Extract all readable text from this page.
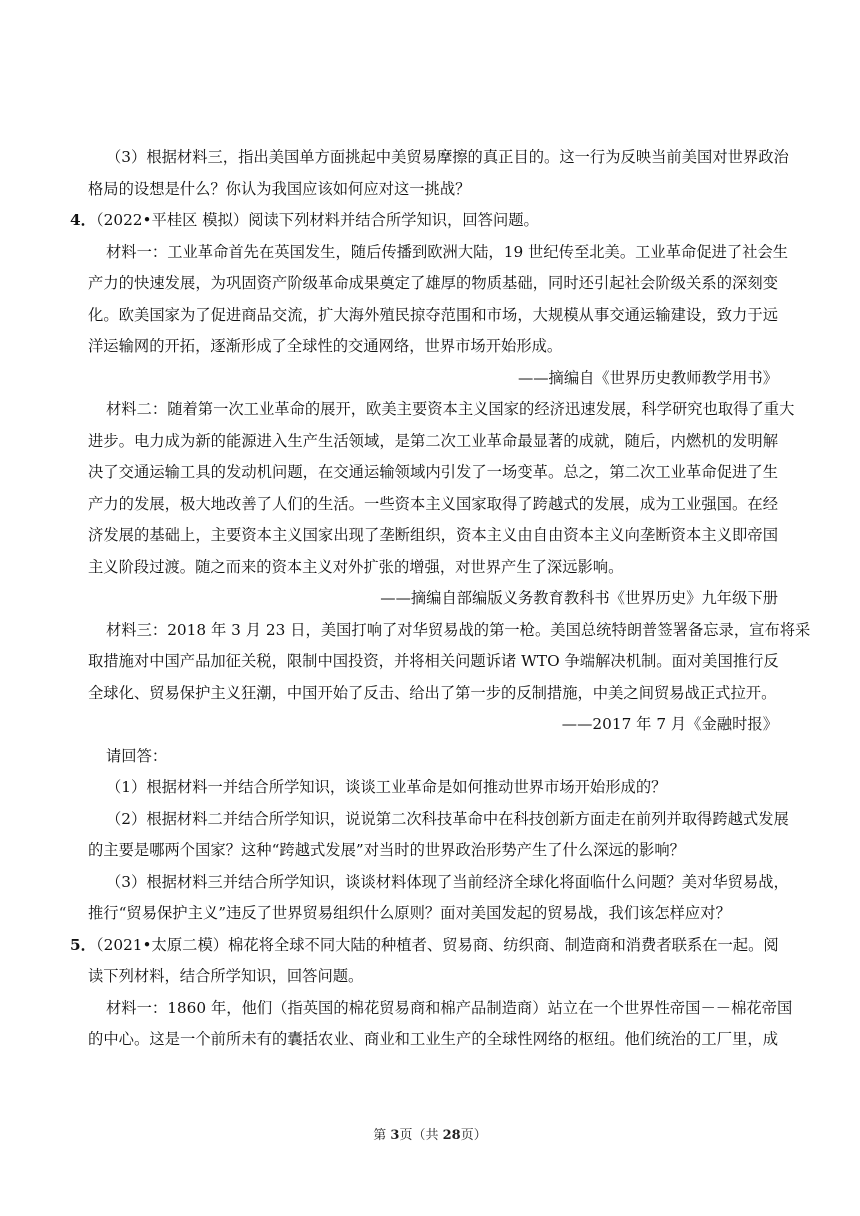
（3）根据材料三，指出美国单方面挑起中美贸易摩擦的真正目的。这一行为反映当前美国对世界政治
格局的设想是什么？你认为我国应该如何应对这一挑战？
4．（2022•平桂区 模拟）阅读下列材料并结合所学知识，回答问题。
材料一：工业革命首先在英国发生，随后传播到欧洲大陆，19 世纪传至北美。工业革命促进了社会生
产力的快速发展，为巩固资产阶级革命成果奠定了雄厚的物质基础，同时还引起社会阶级关系的深刻变
化。欧美国家为了促进商品交流，扩大海外殖民掠夺范围和市场，大规模从事交通运输建设，致力于远
洋运输网的开拓，逐渐形成了全球性的交通网络，世界市场开始形成。
——摘编自《世界历史教师教学用书》
材料二：随着第一次工业革命的展开，欧美主要资本主义国家的经济迅速发展，科学研究也取得了重大
进步。电力成为新的能源进入生产生活领域，是第二次工业革命最显著的成就，随后，内燃机的发明解
决了交通运输工具的发动机问题，在交通运输领域内引发了一场变革。总之，第二次工业革命促进了生
产力的发展，极大地改善了人们的生活。一些资本主义国家取得了跨越式的发展，成为工业强国。在经
济发展的基础上，主要资本主义国家出现了垄断组织，资本主义由自由资本主义向垄断资本主义即帝国
主义阶段过渡。随之而来的资本主义对外扩张的增强，对世界产生了深远影响。
——摘编自部编版义务教育教科书《世界历史》九年级下册
材料三：2018 年 3 月 23 日，美国打响了对华贸易战的第一枪。美国总统特朗普签署备忘录，宣布将采
取措施对中国产品加征关税，限制中国投资，并将相关问题诉诸 WTO 争端解决机制。面对美国推行反
全球化、贸易保护主义狂潮，中国开始了反击、给出了第一步的反制措施，中美之间贸易战正式拉开。
——2017 年 7 月《金融时报》
请回答：
（1）根据材料一并结合所学知识，谈谈工业革命是如何推动世界市场开始形成的？
（2）根据材料二并结合所学知识，说说第二次科技革命中在科技创新方面走在前列并取得跨越式发展
的主要是哪两个国家？这种“跨越式发展”对当时的世界政治形势产生了什么深远的影响？
（3）根据材料三并结合所学知识，谈谈材料体现了当前经济全球化将面临什么问题？美对华贸易战，
推行“贸易保护主义”违反了世界贸易组织什么原则？面对美国发起的贸易战，我们该怎样应对？
5．（2021•太原二模）棉花将全球不同大陆的种植者、贸易商、纺织商、制造商和消费者联系在一起。阅
读下列材料，结合所学知识，回答问题。
材料一：1860 年，他们（指英国的棉花贸易商和棉产品制造商）站立在一个世界性帝国－－棉花帝国
的中心。这是一个前所未有的囊括农业、商业和工业生产的全球性网络的枢纽。他们统治的工厂里，成
第 3页（共 28页）
